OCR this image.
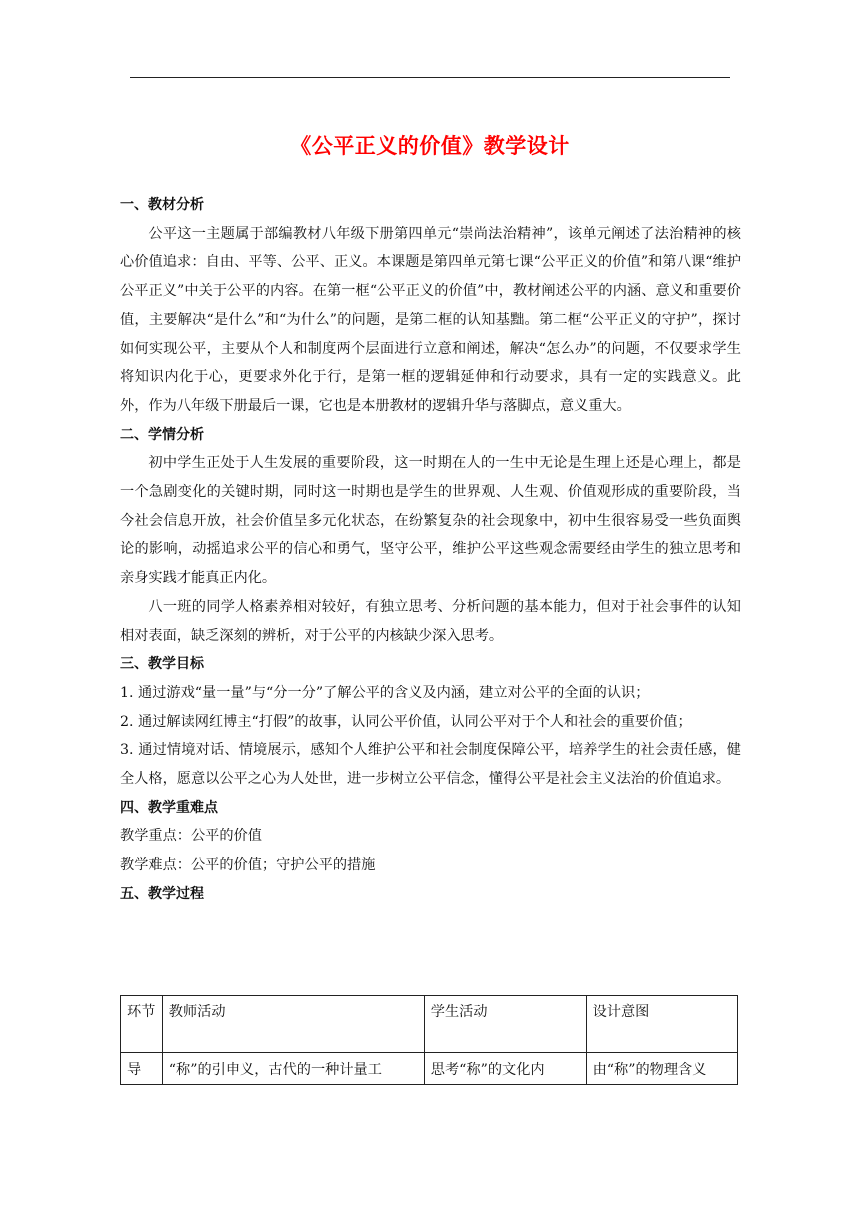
《公平正义的价值》教学设计

一、教材分析

公平这一主题属于部编教材八年级下册第四单元“崇尚法治精神”，该单元阐述了法治精神的核心价值追求：自由、平等、公平、正义。本课题是第四单元第七课“公平正义的价值”和第八课“维护公平正义”中关于公平的内容。在第一框“公平正义的价值”中，教材阐述公平的内涵、意义和重要价值，主要解决“是什么”和“为什么”的问题，是第二框的认知基黜。第二框“公平正义的守护”，探讨如何实现公平，主要从个人和制度两个层面进行立意和阐述，解决“怎么办”的问题，不仅要求学生将知识内化于心，更要求外化于行，是第一框的逻辑延伸和行动要求，具有一定的实践意义。此外，作为八年级下册最后一课，它也是本册教材的逻辑升华与落脚点，意义重大。

二、学情分析

初中学生正处于人生发展的重要阶段，这一时期在人的一生中无论是生理上还是心理上，都是一个急剧变化的关键时期，同时这一时期也是学生的世界观、人生观、价值观形成的重要阶段，当今社会信息开放，社会价值呈多元化状态，在纷繁复杂的社会现象中，初中生很容易受一些负面舆论的影响，动摇追求公平的信心和勇气，坚守公平，维护公平这些观念需要经由学生的独立思考和亲身实践才能真正内化。

八一班的同学人格素养相对较好，有独立思考、分析问题的基本能力，但对于社会事件的认知相对表面，缺乏深刻的辨析，对于公平的内核缺少深入思考。

三、教学目标

1. 通过游戏“量一量”与“分一分”了解公平的含义及内涵，建立对公平的全面的认识；

2. 通过解读网红博主“打假”的故事，认同公平价值，认同公平对于个人和社会的重要价值；

3. 通过情境对话、情境展示，感知个人维护公平和社会制度保障公平，培养学生的社会责任感，健全人格，愿意以公平之心为人处世，进一步树立公平信念，懂得公平是社会主义法治的价值追求。

四、教学重难点

教学重点：公平的价值

教学难点：公平的价值；守护公平的措施

五、教学过程

环节	教师活动	学生活动	设计意图
导	“称”的引申义，古代的一种计量工	思考“称”的文化内	由“称”的物理含义
